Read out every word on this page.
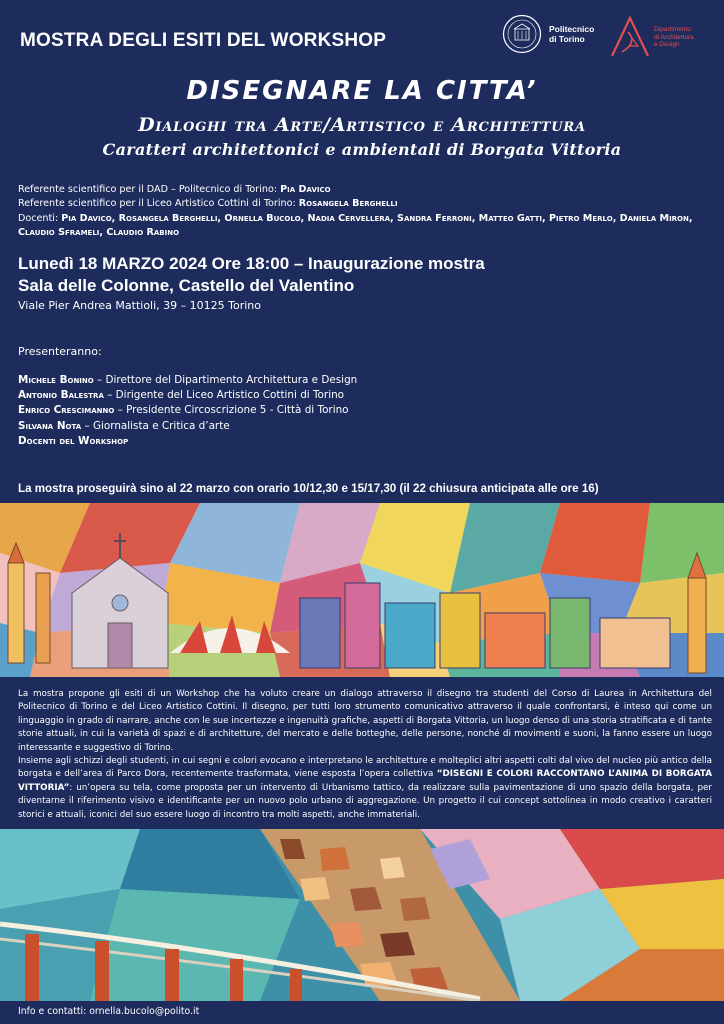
MOSTRA DEGLI ESITI DEL WORKSHOP
Politecnico
di Torino
Dipartimento
di Architettura
e Design
DISEGNARE LA CITTA’
Dialoghi tra Arte/Artistico e Architettura
Caratteri architettonici e ambientali di Borgata Vittoria
Referente scientifico per il DAD – Politecnico di Torino: Pia Davico
Referente scientifico per il Liceo Artistico Cottini di Torino: Rosangela Berghelli
Docenti: Pia Davico, Rosangela Berghelli, Ornella Bucolo, Nadia Cervellera, Sandra Ferroni, Matteo Gatti, Pietro Merlo, Daniela Miron, Claudio Sframeli, Claudio Rabino
Lunedì 18 MARZO 2024 Ore 18:00 – Inaugurazione mostra
Sala delle Colonne, Castello del Valentino
Viale Pier Andrea Mattioli, 39 – 10125 Torino
Presenteranno:
Michele Bonino – Direttore del Dipartimento Architettura e Design
Antonio Balestra – Dirigente del Liceo Artistico Cottini di Torino
Enrico Crescimanno – Presidente Circoscrizione 5 - Città di Torino
Silvana Nota – Giornalista e Critica d’arte
Docenti del Workshop
La mostra proseguirà sino al 22 marzo con orario 10/12,30 e 15/17,30 (il 22 chiusura anticipata alle ore 16)
La mostra propone gli esiti di un Workshop che ha voluto creare un dialogo attraverso il disegno tra studenti del Corso di Laurea in Architettura del Politecnico di Torino e del Liceo Artistico Cottini. Il disegno, per tutti loro strumento comunicativo attraverso il quale confrontarsi, è inteso qui come un linguaggio in grado di narrare, anche con le sue incertezze e ingenuità grafiche, aspetti di Borgata Vittoria, un luogo denso di una storia stratificata e di tante storie attuali, in cui la varietà di spazi e di architetture, del mercato e delle botteghe, delle persone, nonché di movimenti e suoni, la fanno essere un luogo interessante e suggestivo di Torino.
Insieme agli schizzi degli studenti, in cui segni e colori evocano e interpretano le architetture e molteplici altri aspetti colti dal vivo del nucleo più antico della borgata e dell’area di Parco Dora, recentemente trasformata, viene esposta l’opera collettiva “DISEGNI E COLORI RACCONTANO L’ANIMA DI BORGATA VITTORIA”: un’opera su tela, come proposta per un intervento di Urbanismo tattico, da realizzare sulla pavimentazione di uno spazio della borgata, per diventarne il riferimento visivo e identificante per un nuovo polo urbano di aggregazione. Un progetto il cui concept sottolinea in modo creativo i caratteri storici e attuali, iconici del suo essere luogo di incontro tra molti aspetti, anche immateriali.
Info e contatti: ornella.bucolo@polito.it
